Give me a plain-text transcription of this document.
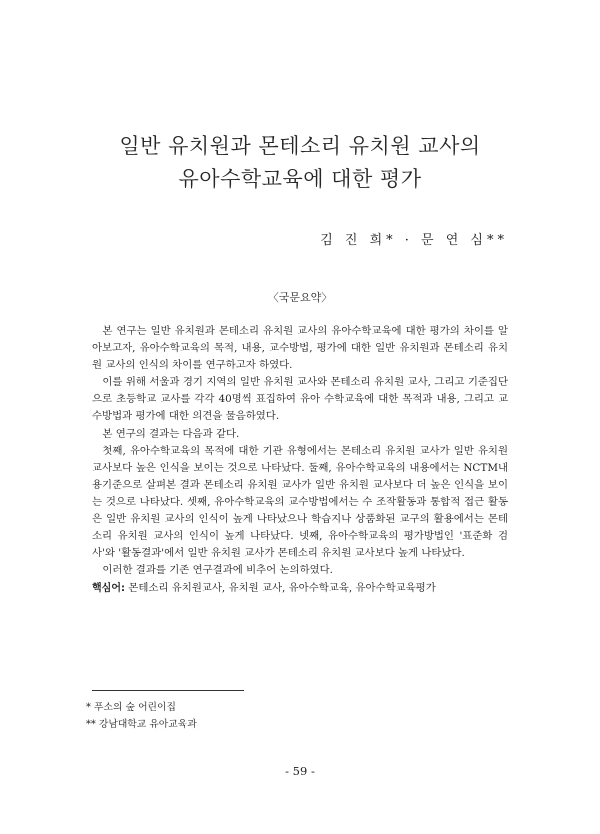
일반 유치원과 몬테소리 유치원 교사의
유아수학교육에 대한 평가
김 진 희* · 문 연 심**
〈국문요약〉

본 연구는 일반 유치원과 몬테소리 유치원 교사의 유아수학교육에 대한 평가의 차이를 알아보고자, 유아수학교육의 목적, 내용, 교수방법, 평가에 대한 일반 유치원과 몬테소리 유치원 교사의 인식의 차이를 연구하고자 하였다.

이를 위해 서울과 경기 지역의 일반 유치원 교사와 몬테소리 유치원 교사, 그리고 기준집단으로 초등학교 교사를 각각 40명씩 표집하여 유아 수학교육에 대한 목적과 내용, 그리고 교수방법과 평가에 대한 의견을 물음하였다.

본 연구의 결과는 다음과 같다.

첫째, 유아수학교육의 목적에 대한 기관 유형에서는 몬테소리 유치원 교사가 일반 유치원 교사보다 높은 인식을 보이는 것으로 나타났다. 둘째, 유아수학교육의 내용에서는 NCTM내용기준으로 살펴본 결과 몬테소리 유치원 교사가 일반 유치원 교사보다 더 높은 인식을 보이는 것으로 나타났다. 셋째, 유아수학교육의 교수방법에서는 수 조작활동과 통합적 접근 활동은 일반 유치원 교사의 인식이 높게 나타났으나 학습지나 상품화된 교구의 활용에서는 몬테소리 유치원 교사의 인식이 높게 나타났다. 넷째, 유아수학교육의 평가방법인 '표준화 검사'와 '활동결과'에서 일반 유치원 교사가 몬테소리 유치원 교사보다 높게 나타났다.

이러한 결과를 기존 연구결과에 비추어 논의하였다.

핵심어: 몬테소리 유치원교사, 유치원 교사, 유아수학교육, 유아수학교육평가
* 푸소의 숲 어린이집
** 강남대학교 유아교육과
- 59 -
